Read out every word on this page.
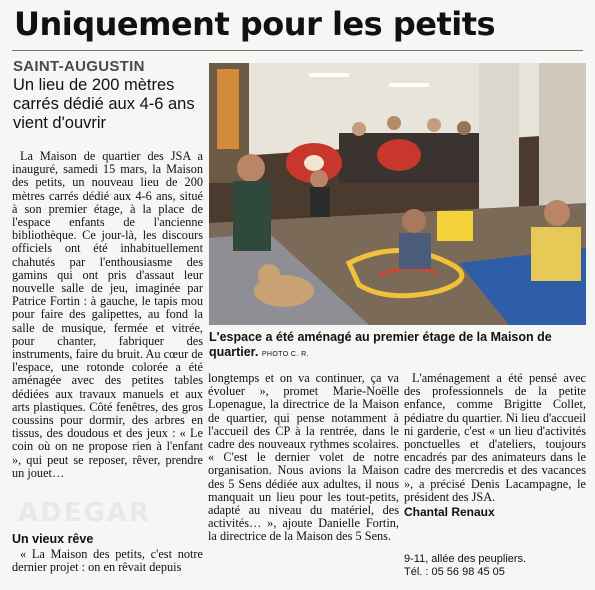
ADEGAR
Uniquement pour les petits
SAINT-AUGUSTIN
Un lieu de 200 mètres carrés dédié aux 4-6 ans vient d'ouvrir

La Maison de quartier des JSA a inauguré, samedi 15 mars, la Maison des petits, un nouveau lieu de 200 mètres carrés dédié aux 4-6 ans, situé à son premier étage, à la place de l'espace enfants de l'ancienne bibliothèque. Ce jour-là, les discours officiels ont été inhabituellement chahutés par l'enthousiasme des gamins qui ont pris d'assaut leur nouvelle salle de jeu, imaginée par Patrice Fortin : à gauche, le tapis mou pour faire des galipettes, au fond la salle de musique, fermée et vitrée, pour chanter, fabriquer des instruments, faire du bruit. Au cœur de l'espace, une rotonde colorée a été aménagée avec des petites tables dédiées aux travaux manuels et aux arts plastiques. Côté fenêtres, des gros coussins pour dormir, des arbres en tissus, des doudous et des jeux : « Le coin où on ne propose rien à l'enfant », qui peut se reposer, rêver, prendre un jouet…

Un vieux rêve

« La Maison des petits, c'est notre dernier projet : on en rêvait depuis

L'espace a été aménagé au premier étage de la Maison de quartier. PHOTO C. R.

longtemps et on va continuer, ça va évoluer », promet Marie-Noëlle Lopenague, la directrice de la Maison de quartier, qui pense notamment à l'accueil des CP à la rentrée, dans le cadre des nouveaux rythmes scolaires. « C'est le dernier volet de notre organisation. Nous avions la Maison des 5 Sens dédiée aux adultes, il nous manquait un lieu pour les tout-petits, adapté au niveau du matériel, des activités… », ajoute Danielle Fortin, la directrice de la Maison des 5 Sens.

L'aménagement a été pensé avec des professionnels de la petite enfance, comme Brigitte Collet, pédiatre du quartier. Ni lieu d'accueil ni garderie, c'est « un lieu d'activités ponctuelles et d'ateliers, toujours encadrés par des animateurs dans le cadre des mercredis et des vacances », a précisé Denis Lacampagne, le président des JSA.

Chantal Renaux
9-11, allée des peupliers.
Tél. : 05 56 98 45 05
